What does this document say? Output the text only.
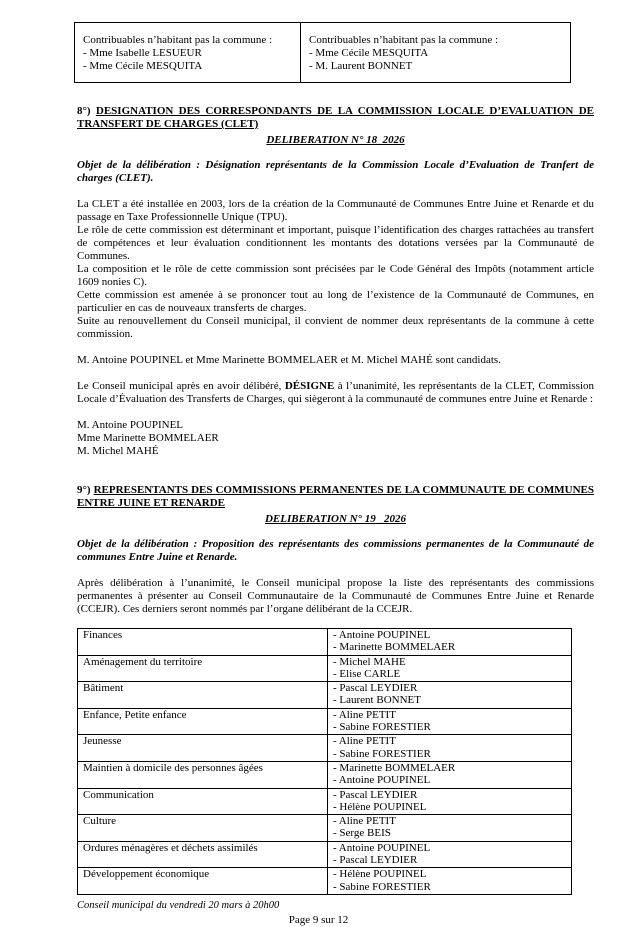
Contribuables n’habitant pas la commune :
- Mme Isabelle LESUEUR
- Mme Cécile MESQUITA

Contribuables n’habitant pas la commune :
- Mme Cécile MESQUITA
- M. Laurent BONNET
8°) DESIGNATION DES CORRESPONDANTS DE LA COMMISSION LOCALE D’EVALUATION DE
TRANSFERT DE CHARGES (CLET)
DELIBERATION N° 18_2026
Objet de la délibération : Désignation représentants de la Commission Locale d’Evaluation de Tranfert de charges (CLET).

La CLET a été installée en 2003, lors de la création de la Communauté de Communes Entre Juine et Renarde et du passage en Taxe Professionnelle Unique (TPU).

Le rôle de cette commission est déterminant et important, puisque l’identification des charges rattachées au transfert de compétences et leur évaluation conditionnent les montants des dotations versées par la Communauté de Communes.

La composition et le rôle de cette commission sont précisées par le Code Général des Impôts (notamment article 1609 nonies C).

Cette commission est amenée à se prononcer tout au long de l’existence de la Communauté de Communes, en particulier en cas de nouveaux transferts de charges.

Suite au renouvellement du Conseil municipal, il convient de nommer deux représentants de la commune à cette commission.

M. Antoine POUPINEL et Mme Marinette BOMMELAER et M. Michel MAHÉ sont candidats.
Le Conseil municipal après en avoir délibéré, DÉSIGNE à l’unanimité, les représentants de la CLET, Commission Locale d’Évaluation des Transferts de Charges, qui siègeront à la communauté de communes entre Juine et Renarde :
M. Antoine POUPINEL
Mme Marinette BOMMELAER
M. Michel MAHÉ
9°) REPRESENTANTS DES COMMISSIONS PERMANENTES DE LA COMMUNAUTE DE COMMUNES
ENTRE JUINE ET RENARDE
DELIBERATION N° 19 _2026
Objet de la délibération : Proposition des représentants des commissions permanentes de la Communauté de communes Entre Juine et Renarde.
Après délibération à l’unanimité, le Conseil municipal propose la liste des représentants des commissions permanentes à présenter au Conseil Communautaire de la Communauté de Communes Entre Juine et Renarde (CCEJR). Ces derniers seront nommés par l’organe délibérant de la CCEJR.
Finances	- Antoine POUPINEL
- Marinette BOMMELAER

Aménagement du territoire	- Michel MAHE
- Elise CARLE

Bâtiment	- Pascal LEYDIER
- Laurent BONNET

Enfance, Petite enfance	- Aline PETIT
- Sabine FORESTIER

Jeunesse	- Aline PETIT
- Sabine FORESTIER

Maintien à domicile des personnes âgées	- Marinette BOMMELAER
- Antoine POUPINEL

Communication	- Pascal LEYDIER
- Hélène POUPINEL

Culture	- Aline PETIT
- Serge BEIS

Ordures ménagères et déchets assimilés	- Antoine POUPINEL
- Pascal LEYDIER

Développement économique	- Hélène POUPINEL
- Sabine FORESTIER
Conseil municipal du vendredi 20 mars à 20h00
Page 9 sur 12
